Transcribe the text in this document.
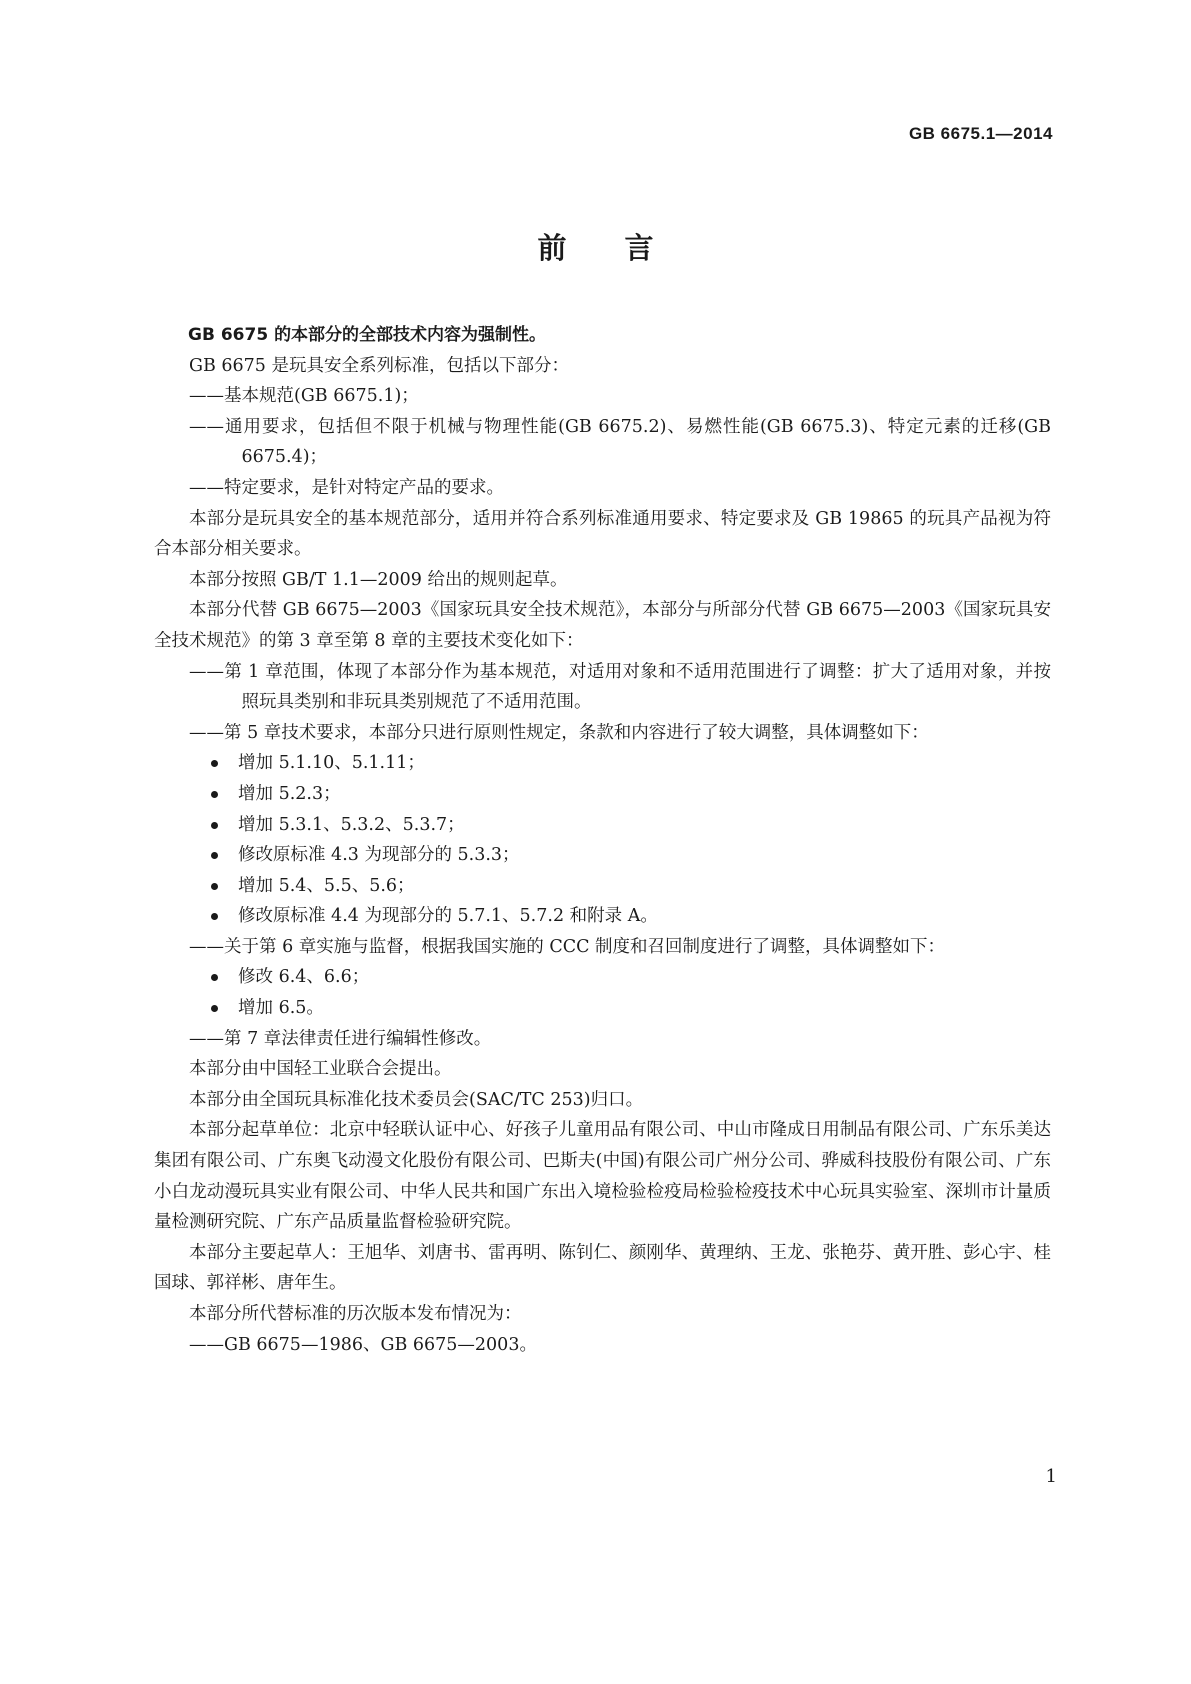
GB 6675.1—2014
前言

GB 6675 的本部分的全部技术内容为强制性。

GB 6675 是玩具安全系列标准，包括以下部分：

——基本规范(GB 6675.1)；

——通用要求，包括但不限于机械与物理性能(GB 6675.2)、易燃性能(GB 6675.3)、特定元素的迁移(GB 6675.4)；

——特定要求，是针对特定产品的要求。

本部分是玩具安全的基本规范部分，适用并符合系列标准通用要求、特定要求及 GB 19865 的玩具产品视为符合本部分相关要求。

本部分按照 GB/T 1.1—2009 给出的规则起草。

本部分代替 GB 6675—2003《国家玩具安全技术规范》，本部分与所部分代替 GB 6675—2003《国家玩具安全技术规范》的第 3 章至第 8 章的主要技术变化如下：

——第 1 章范围，体现了本部分作为基本规范，对适用对象和不适用范围进行了调整：扩大了适用对象，并按照玩具类别和非玩具类别规范了不适用范围。

——第 5 章技术要求，本部分只进行原则性规定，条款和内容进行了较大调整，具体调整如下：

增加 5.1.10、5.1.11；
增加 5.2.3；
增加 5.3.1、5.3.2、5.3.7；
修改原标准 4.3 为现部分的 5.3.3；
增加 5.4、5.5、5.6；
修改原标准 4.4 为现部分的 5.7.1、5.7.2 和附录 A。

——关于第 6 章实施与监督，根据我国实施的 CCC 制度和召回制度进行了调整，具体调整如下：

修改 6.4、6.6；
增加 6.5。

——第 7 章法律责任进行编辑性修改。

本部分由中国轻工业联合会提出。

本部分由全国玩具标准化技术委员会(SAC/TC 253)归口。

本部分起草单位：北京中轻联认证中心、好孩子儿童用品有限公司、中山市隆成日用制品有限公司、广东乐美达集团有限公司、广东奥飞动漫文化股份有限公司、巴斯夫(中国)有限公司广州分公司、骅威科技股份有限公司、广东小白龙动漫玩具实业有限公司、中华人民共和国广东出入境检验检疫局检验检疫技术中心玩具实验室、深圳市计量质量检测研究院、广东产品质量监督检验研究院。

本部分主要起草人：王旭华、刘唐书、雷再明、陈钊仁、颜刚华、黄理纳、王龙、张艳芬、黄开胜、彭心宇、桂国球、郭祥彬、唐年生。

本部分所代替标准的历次版本发布情况为：

——GB 6675—1986、GB 6675—2003。

1
